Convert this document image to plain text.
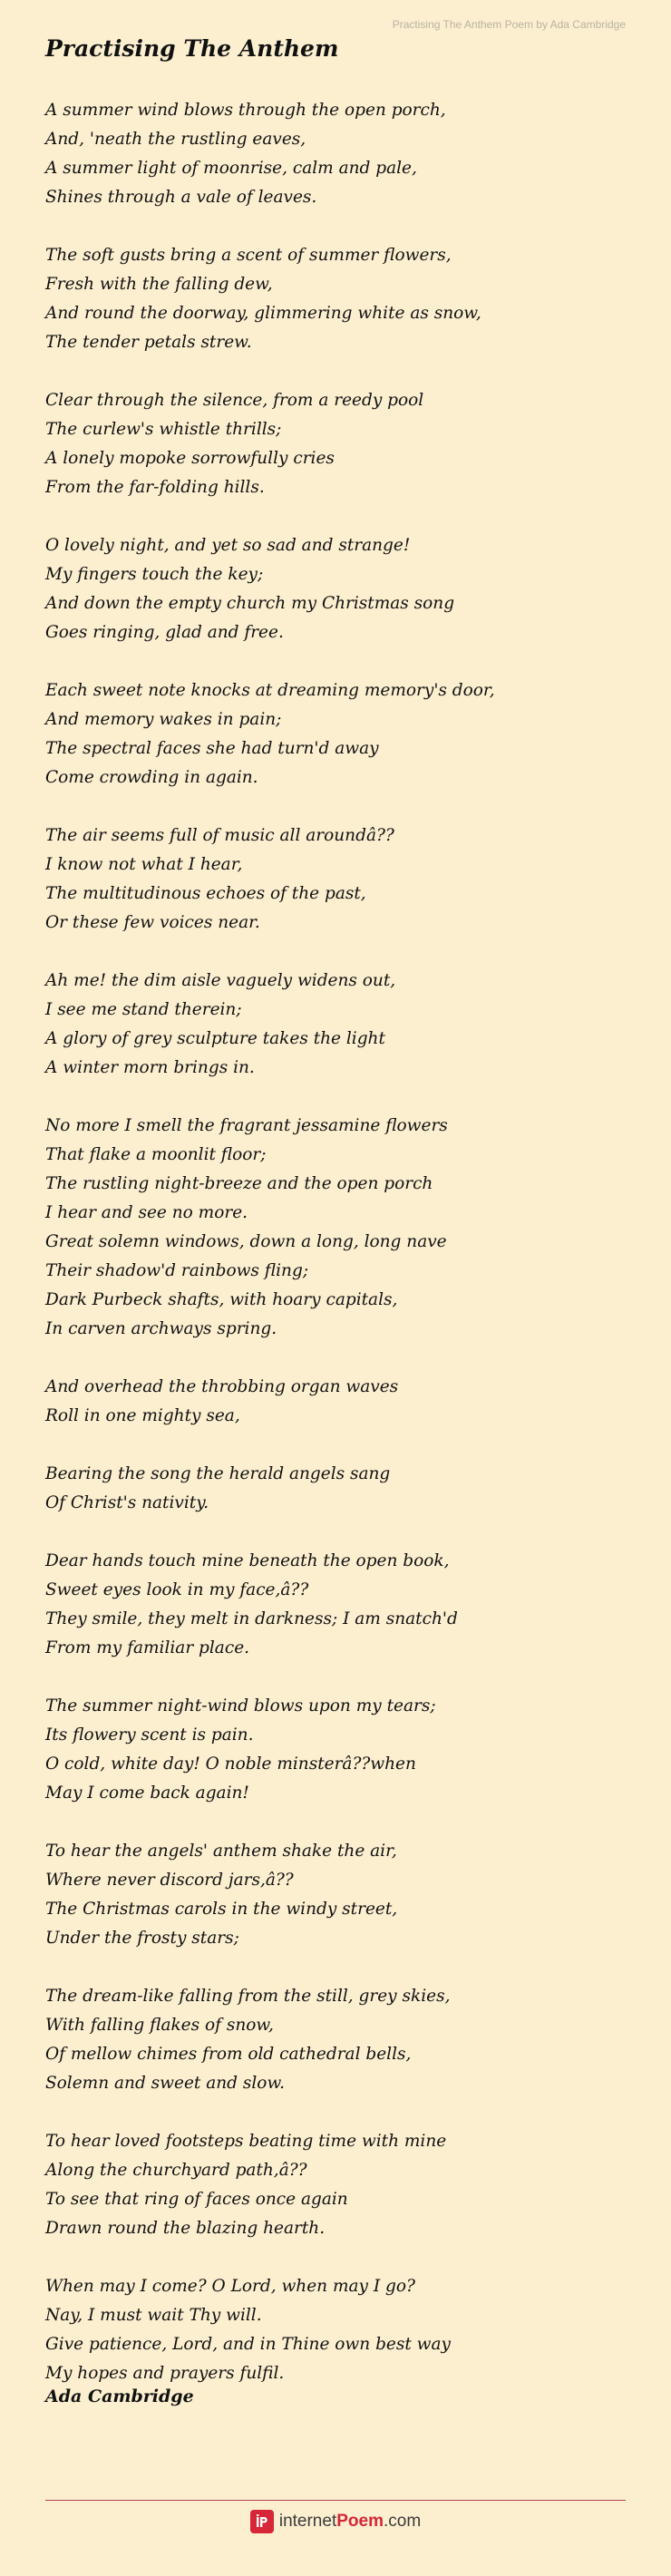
Practising The Anthem Poem by Ada Cambridge
Practising The Anthem
A summer wind blows through the open porch,
And, 'neath the rustling eaves,
A summer light of moonrise, calm and pale,
Shines through a vale of leaves.
The soft gusts bring a scent of summer flowers,
Fresh with the falling dew,
And round the doorway, glimmering white as snow,
The tender petals strew.
Clear through the silence, from a reedy pool
The curlew's whistle thrills;
A lonely mopoke sorrowfully cries
From the far-folding hills.
O lovely night, and yet so sad and strange!
My fingers touch the key;
And down the empty church my Christmas song
Goes ringing, glad and free.
Each sweet note knocks at dreaming memory's door,
And memory wakes in pain;
The spectral faces she had turn'd away
Come crowding in again.
The air seems full of music all aroundâ??
I know not what I hear,
The multitudinous echoes of the past,
Or these few voices near.
Ah me! the dim aisle vaguely widens out,
I see me stand therein;
A glory of grey sculpture takes the light
A winter morn brings in.
No more I smell the fragrant jessamine flowers
That flake a moonlit floor;
The rustling night-breeze and the open porch
I hear and see no more.
Great solemn windows, down a long, long nave
Their shadow'd rainbows fling;
Dark Purbeck shafts, with hoary capitals,
In carven archways spring.
And overhead the throbbing organ waves
Roll in one mighty sea,
Bearing the song the herald angels sang
Of Christ's nativity.
Dear hands touch mine beneath the open book,
Sweet eyes look in my face,â??
They smile, they melt in darkness; I am snatch'd
From my familiar place.
The summer night-wind blows upon my tears;
Its flowery scent is pain.
O cold, white day! O noble minsterâ??when
May I come back again!
To hear the angels' anthem shake the air,
Where never discord jars,â??
The Christmas carols in the windy street,
Under the frosty stars;
The dream-like falling from the still, grey skies,
With falling flakes of snow,
Of mellow chimes from old cathedral bells,
Solemn and sweet and slow.
To hear loved footsteps beating time with mine
Along the churchyard path,â??
To see that ring of faces once again
Drawn round the blazing hearth.
When may I come? O Lord, when may I go?
Nay, I must wait Thy will.
Give patience, Lord, and in Thine own best way
My hopes and prayers fulfil.
Ada Cambridge
internetPoem.com
